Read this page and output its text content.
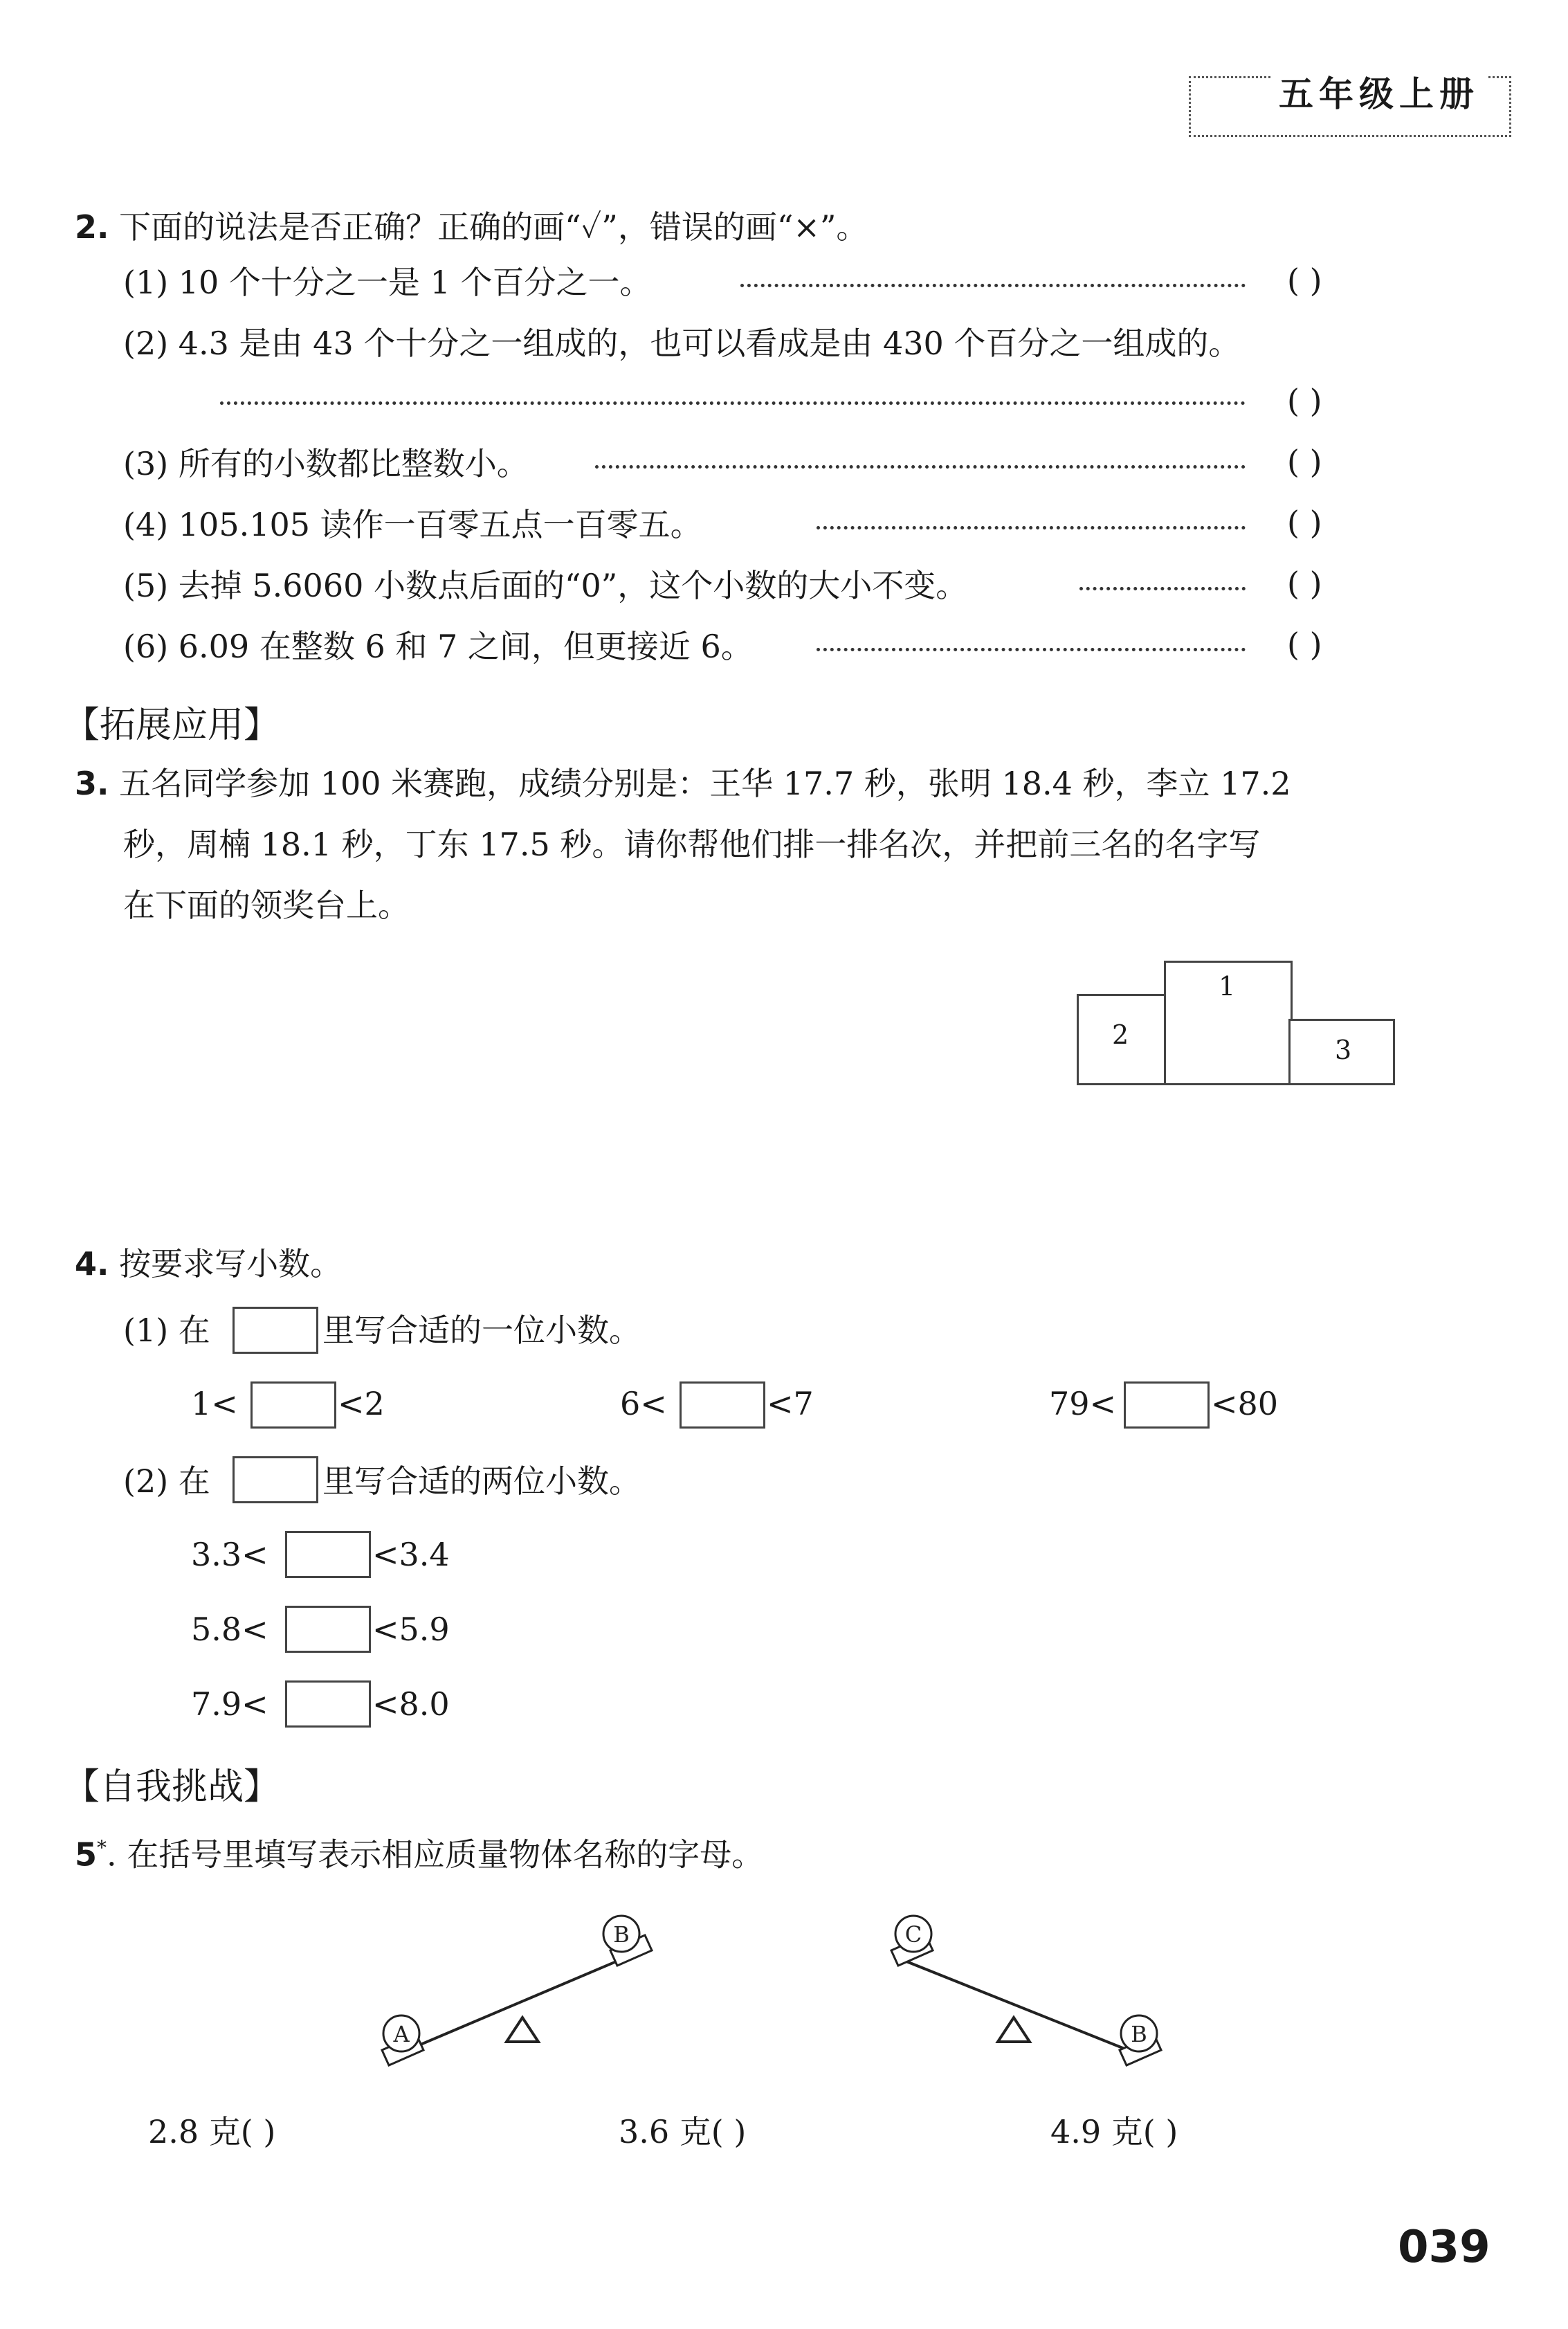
五年级上册
2. 下面的说法是否正确？正确的画“✓”，错误的画“×”。
(1) 10 个十分之一是 1 个百分之一。	( )
(2) 4.3 是由 43 个十分之一组成的，也可以看成是由 430 个百分之一组成的。
( )
(3) 所有的小数都比整数小。	( )
(4) 105.105 读作一百零五点一百零五。	( )
(5) 去掉 5.6060 小数点后面的“0”，这个小数的大小不变。	( )
(6) 6.09 在整数 6 和 7 之间，但更接近 6。	( )
【拓展应用】
3. 五名同学参加 100 米赛跑，成绩分别是：王华 17.7 秒，张明 18.4 秒，李立 17.2
秒，周楠 18.1 秒，丁东 17.5 秒。请你帮他们排一排名次，并把前三名的名字写
在下面的领奖台上。
2
1
3
4. 按要求写小数。
(1) 在	里写合适的一位小数。
1<	<2	6<	<7	79<	<80
(2) 在	里写合适的两位小数。
3.3<	<3.4
5.8<	<5.9
7.9<	<8.0
【自我挑战】
5*. 在括号里填写表示相应质量物体名称的字母。
A
B	C
B
2.8 克( )	3.6 克( )	4.9 克( )
039
